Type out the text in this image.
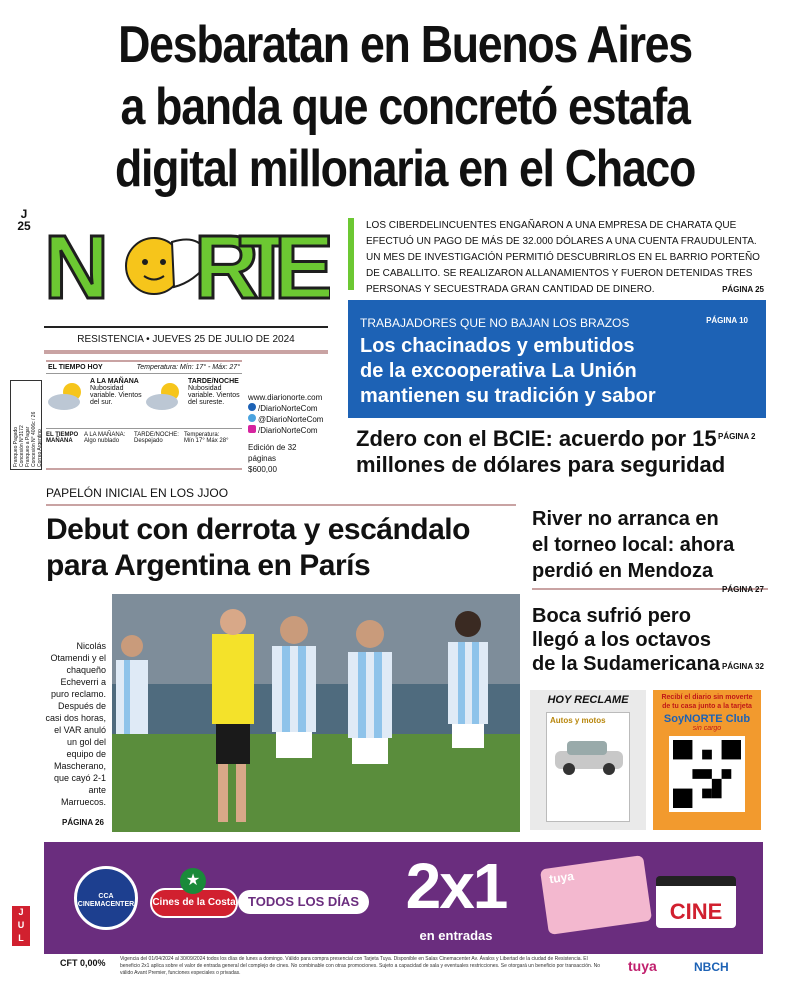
Desbaratan en Buenos Aires
a banda que concretó estafa
digital millonaria en el Chaco
J
25 N RTE
RESISTENCIA • JUEVES 25 DE JULIO DE 2024
Franqueo Pagado Concesión N°3172 Franqueo a Pagar Concesión N° 4006c / 26 Correo Argentino
EL TIEMPO HOY	Temperatura: Mín: 17° - Máx: 27°
A LA MAÑANA
Nubosidad variable. Vientos del sur.
TARDE/NOCHE
Nubosidad variable. Vientos del sureste.
EL TIEMPO MAÑANA
A LA MAÑANA:
Algo nublado
TARDE/NOCHE:
Despejado
Temperatura:
Mín 17° Máx 28°
www.diarionorte.com
/DiarioNorteCom
@DiarioNorteCom
/DiarioNorteCom
Edición de 32 páginas
$600,00
LOS CIBERDELINCUENTES ENGAÑARON A UNA EMPRESA DE CHARATA QUE EFECTUÓ UN PAGO DE MÁS DE 32.000 DÓLARES A UNA CUENTA FRAUDULENTA. UN MES DE INVESTIGACIÓN PERMITIÓ DESCUBRIRLOS EN EL BARRIO PORTEÑO DE CABALLITO. SE REALIZARON ALLANAMIENTOS Y FUERON DETENIDAS TRES PERSONAS Y SECUESTRADA GRAN CANTIDAD DE DINERO.	PÁGINA 25
TRABAJADORES QUE NO BAJAN LOS BRAZOS	PÁGINA 10
Los chacinados y embutidos
de la excooperativa La Unión
mantienen su tradición y sabor
Zdero con el BCIE: acuerdo por 15
millones de dólares para seguridad
PÁGINA 2
PAPELÓN INICIAL EN LOS JJOO
Debut con derrota y escándalo
para Argentina en París
Nicolás Otamendi y el chaqueño Echeverri a puro reclamo. Después de casi dos horas, el VAR anuló un gol del equipo de Mascherano, que cayó 2-1 ante Marruecos.
PÁGINA 26
River no arranca en
el torneo local: ahora
perdió en Mendoza
PÁGINA 27
Boca sufrió pero
llegó a los octavos
de la Sudamericana PÁGINA 32
HOY RECLAME
Autos y motos
Recibí el diario sin moverte
de tu casa junto a la tarjeta
SoyNORTE Club
sin cargo
CCA CINEMACENTER	Cines de la Costa
★
TODOS LOS DÍAS 2x1
en entradas
tuya
CINE
CFT 0,00%	Vigencia del 01/04/2024 al 30/09/2024 todos los días de lunes a domingo. Válido para compra presencial con Tarjeta Tuya. Disponible en Salas Cinemacenter Av. Ávalos y Libertad de la ciudad de Resistencia. El beneficio 2x1 aplica sobre el valor de entrada general del complejo de cines. No combinable con otras promociones. Sujeto a capacidad de sala y eventuales restricciones. Se otorgará un beneficio por transacción. No válido Avant Premier, funciones especiales o privadas.	tuya	NBCH
JUL
